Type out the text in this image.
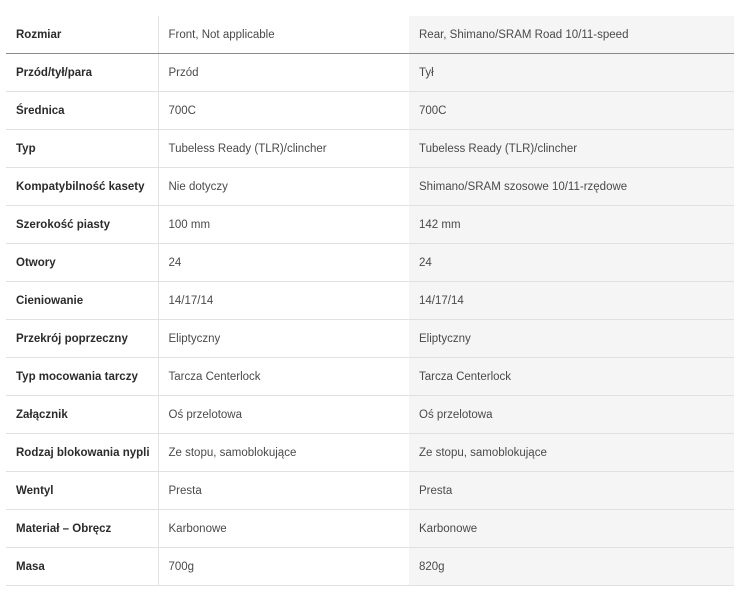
Rozmiar	Front, Not applicable	Rear, Shimano/SRAM Road 10/11-speed
Przód/tył/para	Przód	Tył
Średnica	700C	700C
Typ	Tubeless Ready (TLR)/clincher	Tubeless Ready (TLR)/clincher
Kompatybilność kasety	Nie dotyczy	Shimano/SRAM szosowe 10/11-rzędowe
Szerokość piasty	100 mm	142 mm
Otwory	24	24
Cieniowanie	14/17/14	14/17/14
Przekrój poprzeczny	Eliptyczny	Eliptyczny
Typ mocowania tarczy	Tarcza Centerlock	Tarcza Centerlock
Załącznik	Oś przelotowa	Oś przelotowa
Rodzaj blokowania nypli	Ze stopu, samoblokujące	Ze stopu, samoblokujące
Wentyl	Presta	Presta
Materiał – Obręcz	Karbonowe	Karbonowe
Masa	700g	820g
